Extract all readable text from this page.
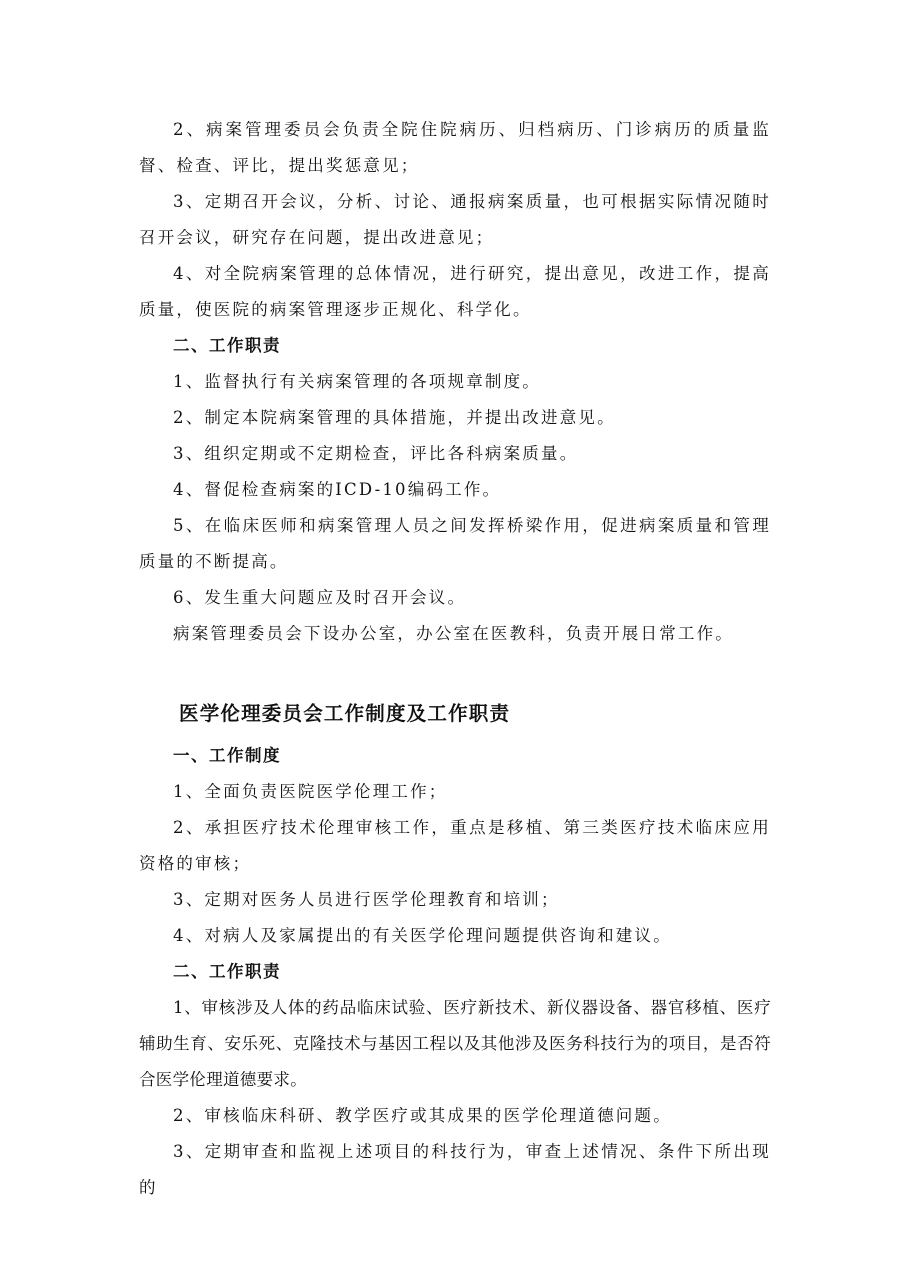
2、病案管理委员会负责全院住院病历、归档病历、门诊病历的质量监督、检查、评比，提出奖惩意见；

3、定期召开会议，分析、讨论、通报病案质量，也可根据实际情况随时召开会议，研究存在问题，提出改进意见；

4、对全院病案管理的总体情况，进行研究，提出意见，改进工作，提高质量，使医院的病案管理逐步正规化、科学化。

二、工作职责

1、监督执行有关病案管理的各项规章制度。

2、制定本院病案管理的具体措施，并提出改进意见。

3、组织定期或不定期检查，评比各科病案质量。

4、督促检查病案的ICD-10编码工作。

5、在临床医师和病案管理人员之间发挥桥梁作用，促进病案质量和管理质量的不断提高。

6、发生重大问题应及时召开会议。

病案管理委员会下设办公室，办公室在医教科，负责开展日常工作。

医学伦理委员会工作制度及工作职责

一、工作制度

1、全面负责医院医学伦理工作；

2、承担医疗技术伦理审核工作，重点是移植、第三类医疗技术临床应用资格的审核；

3、定期对医务人员进行医学伦理教育和培训；

4、对病人及家属提出的有关医学伦理问题提供咨询和建议。

二、工作职责

1、审核涉及人体的药品临床试验、医疗新技术、新仪器设备、器官移植、医疗辅助生育、安乐死、克隆技术与基因工程以及其他涉及医务科技行为的项目，是否符合医学伦理道德要求。

2、审核临床科研、教学医疗或其成果的医学伦理道德问题。

3、定期审查和监视上述项目的科技行为，审查上述情况、条件下所出现的
